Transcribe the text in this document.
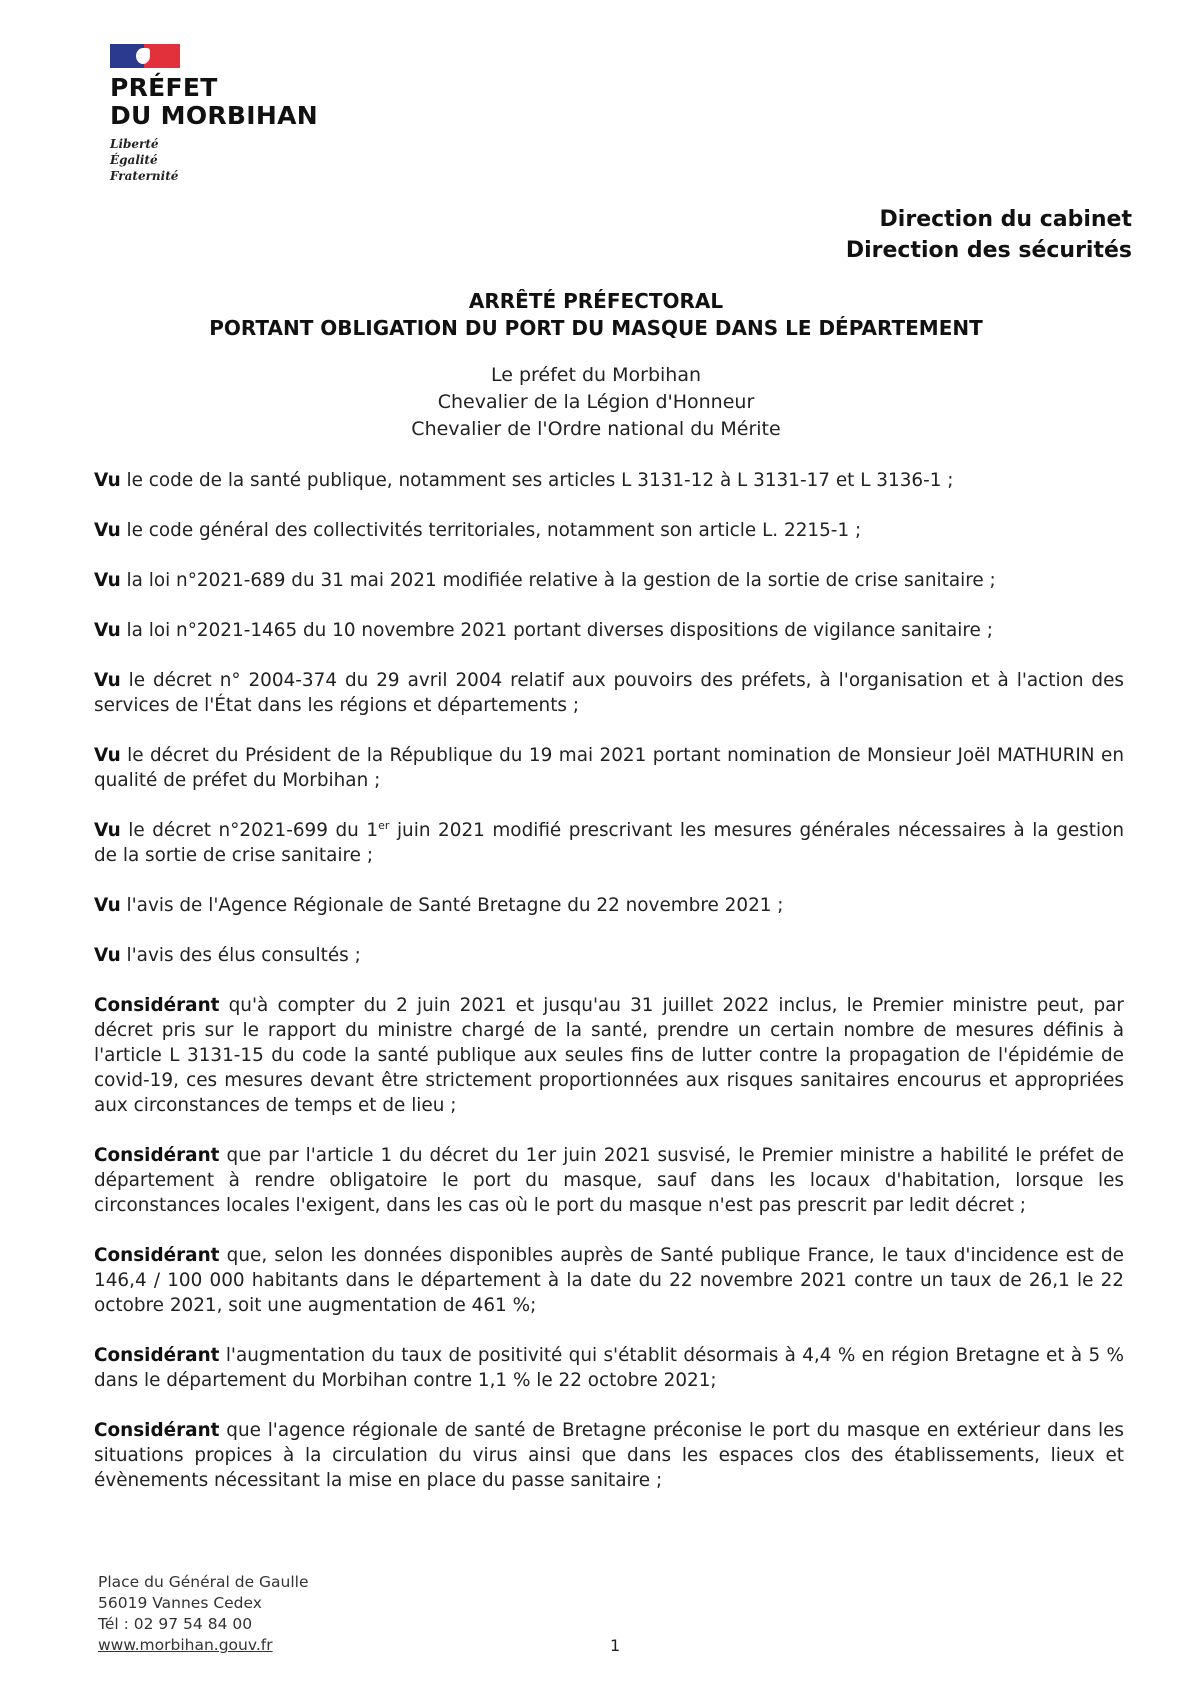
PRÉFET
DU MORBIHAN
Liberté
Égalité
Fraternité
Direction du cabinet
Direction des sécurités
ARRÊTÉ PRÉFECTORAL
PORTANT OBLIGATION DU PORT DU MASQUE DANS LE DÉPARTEMENT
Le préfet du Morbihan
Chevalier de la Légion d'Honneur
Chevalier de l'Ordre national du Mérite

Vu le code de la santé publique, notamment ses articles L 3131-12 à L 3131-17 et L 3136-1 ;

Vu le code général des collectivités territoriales, notamment son article L. 2215-1 ;

Vu la loi n°2021-689 du 31 mai 2021 modifiée relative à la gestion de la sortie de crise sanitaire ;

Vu la loi n°2021-1465 du 10 novembre 2021 portant diverses dispositions de vigilance sanitaire ;

Vu le décret n° 2004-374 du 29 avril 2004 relatif aux pouvoirs des préfets, à l'organisation et à l'action des services de l'État dans les régions et départements ;

Vu le décret du Président de la République du 19 mai 2021 portant nomination de Monsieur Joël MATHURIN en qualité de préfet du Morbihan ;

Vu le décret n°2021-699 du 1er juin 2021 modifié prescrivant les mesures générales nécessaires à la gestion de la sortie de crise sanitaire ;

Vu l'avis de l'Agence Régionale de Santé Bretagne du 22 novembre 2021 ;

Vu l'avis des élus consultés ;

Considérant qu'à compter du 2 juin 2021 et jusqu'au 31 juillet 2022 inclus, le Premier ministre peut, par décret pris sur le rapport du ministre chargé de la santé, prendre un certain nombre de mesures définis à l'article L 3131-15 du code la santé publique aux seules fins de lutter contre la propagation de l'épidémie de covid-19, ces mesures devant être strictement proportionnées aux risques sanitaires encourus et appropriées aux circonstances de temps et de lieu ;

Considérant que par l'article 1 du décret du 1er juin 2021 susvisé, le Premier ministre a habilité le préfet de département à rendre obligatoire le port du masque, sauf dans les locaux d'habitation, lorsque les circonstances locales l'exigent, dans les cas où le port du masque n'est pas prescrit par ledit décret ;

Considérant que, selon les données disponibles auprès de Santé publique France, le taux d'incidence est de 146,4 / 100 000 habitants dans le département à la date du 22 novembre 2021 contre un taux de 26,1 le 22 octobre 2021, soit une augmentation de 461 %;

Considérant l'augmentation du taux de positivité qui s'établit désormais à 4,4 % en région Bretagne et à 5 % dans le département du Morbihan contre 1,1 % le 22 octobre 2021;

Considérant que l'agence régionale de santé de Bretagne préconise le port du masque en extérieur dans les situations propices à la circulation du virus ainsi que dans les espaces clos des établissements, lieux et évènements nécessitant la mise en place du passe sanitaire ;

Place du Général de Gaulle
56019 Vannes Cedex
Tél : 02 97 54 84 00
www.morbihan.gouv.fr	1
